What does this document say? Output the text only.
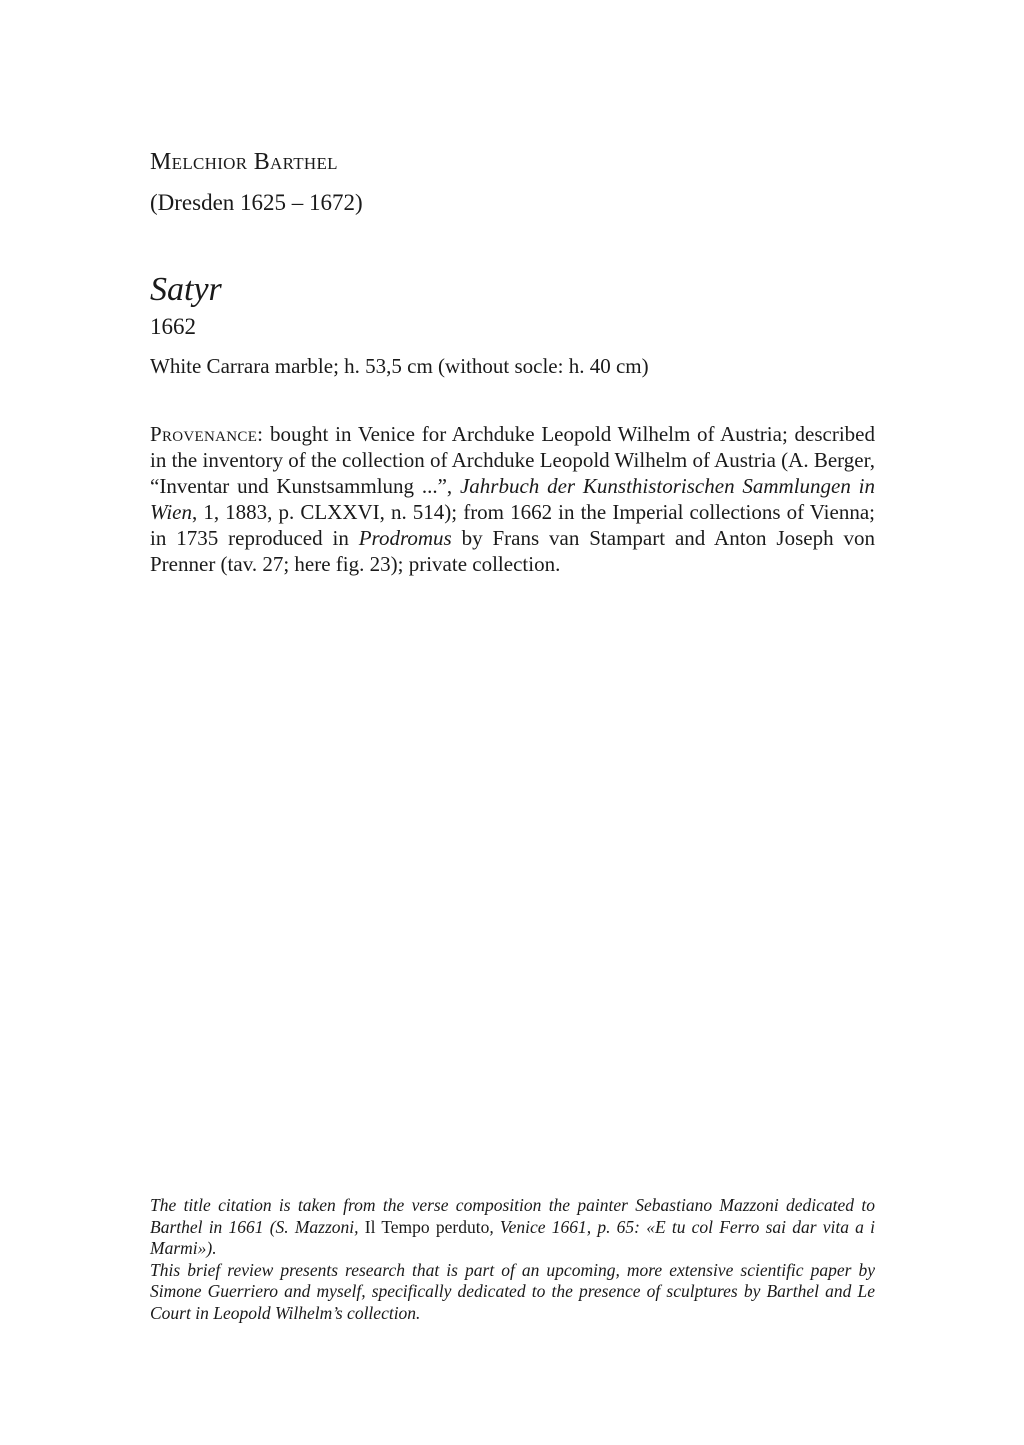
Melchior Barthel
(Dresden 1625 – 1672)
Satyr
1662
White Carrara marble; h. 53,5 cm (without socle: h. 40 cm)
Provenance: bought in Venice for Archduke Leopold Wilhelm of Austria; described in the inventory of the collection of Archduke Leopold Wilhelm of Austria (A. Berger, “Inventar und Kunstsammlung ...”, Jahrbuch der Kunsthistorischen Sammlungen in Wien, 1, 1883, p. CLXXVI, n. 514); from 1662 in the Imperial collections of Vienna; in 1735 reproduced in Prodromus by Frans van Stampart and Anton Joseph von Prenner (tav. 27; here fig. 23); private collection.

The title citation is taken from the verse composition the painter Sebastiano Mazzoni dedicated to Barthel in 1661 (S. Mazzoni, Il Tempo perduto, Venice 1661, p. 65: «E tu col Ferro sai dar vita a i Marmi»).

This brief review presents research that is part of an upcoming, more extensive scientific paper by Simone Guerriero and myself, specifically dedicated to the presence of sculptures by Barthel and Le Court in Leopold Wilhelm’s collection.
